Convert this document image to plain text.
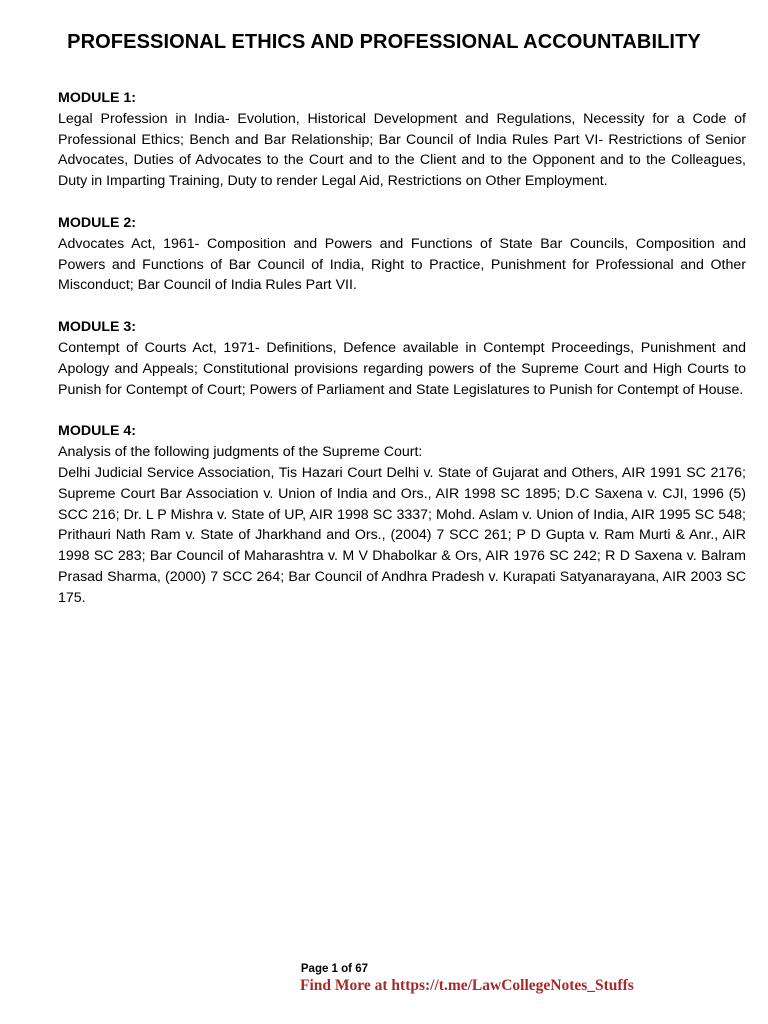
PROFESSIONAL ETHICS AND PROFESSIONAL ACCOUNTABILITY
MODULE 1:

Legal Profession in India- Evolution, Historical Development and Regulations, Necessity for a Code of Professional Ethics; Bench and Bar Relationship; Bar Council of India Rules Part VI- Restrictions of Senior Advocates, Duties of Advocates to the Court and to the Client and to the Opponent and to the Colleagues, Duty in Imparting Training, Duty to render Legal Aid, Restrictions on Other Employment.

MODULE 2:

Advocates Act, 1961- Composition and Powers and Functions of State Bar Councils, Composition and Powers and Functions of Bar Council of India, Right to Practice, Punishment for Professional and Other Misconduct; Bar Council of India Rules Part VII.

MODULE 3:

Contempt of Courts Act, 1971- Definitions, Defence available in Contempt Proceedings, Punishment and Apology and Appeals; Constitutional provisions regarding powers of the Supreme Court and High Courts to Punish for Contempt of Court; Powers of Parliament and State Legislatures to Punish for Contempt of House.

MODULE 4:

Analysis of the following judgments of the Supreme Court:

Delhi Judicial Service Association, Tis Hazari Court Delhi v. State of Gujarat and Others, AIR 1991 SC 2176; Supreme Court Bar Association v. Union of India and Ors., AIR 1998 SC 1895; D.C Saxena v. CJI, 1996 (5) SCC 216; Dr. L P Mishra v. State of UP, AIR 1998 SC 3337; Mohd. Aslam v. Union of India, AIR 1995 SC 548; Prithauri Nath Ram v. State of Jharkhand and Ors., (2004) 7 SCC 261; P D Gupta v. Ram Murti & Anr., AIR 1998 SC 283; Bar Council of Maharashtra v. M V Dhabolkar & Ors, AIR 1976 SC 242; R D Saxena v. Balram Prasad Sharma, (2000) 7 SCC 264; Bar Council of Andhra Pradesh v. Kurapati Satyanarayana, AIR 2003 SC 175.

Page 1 of 67
Find More at https://t.me/LawCollegeNotes_Stuffs
